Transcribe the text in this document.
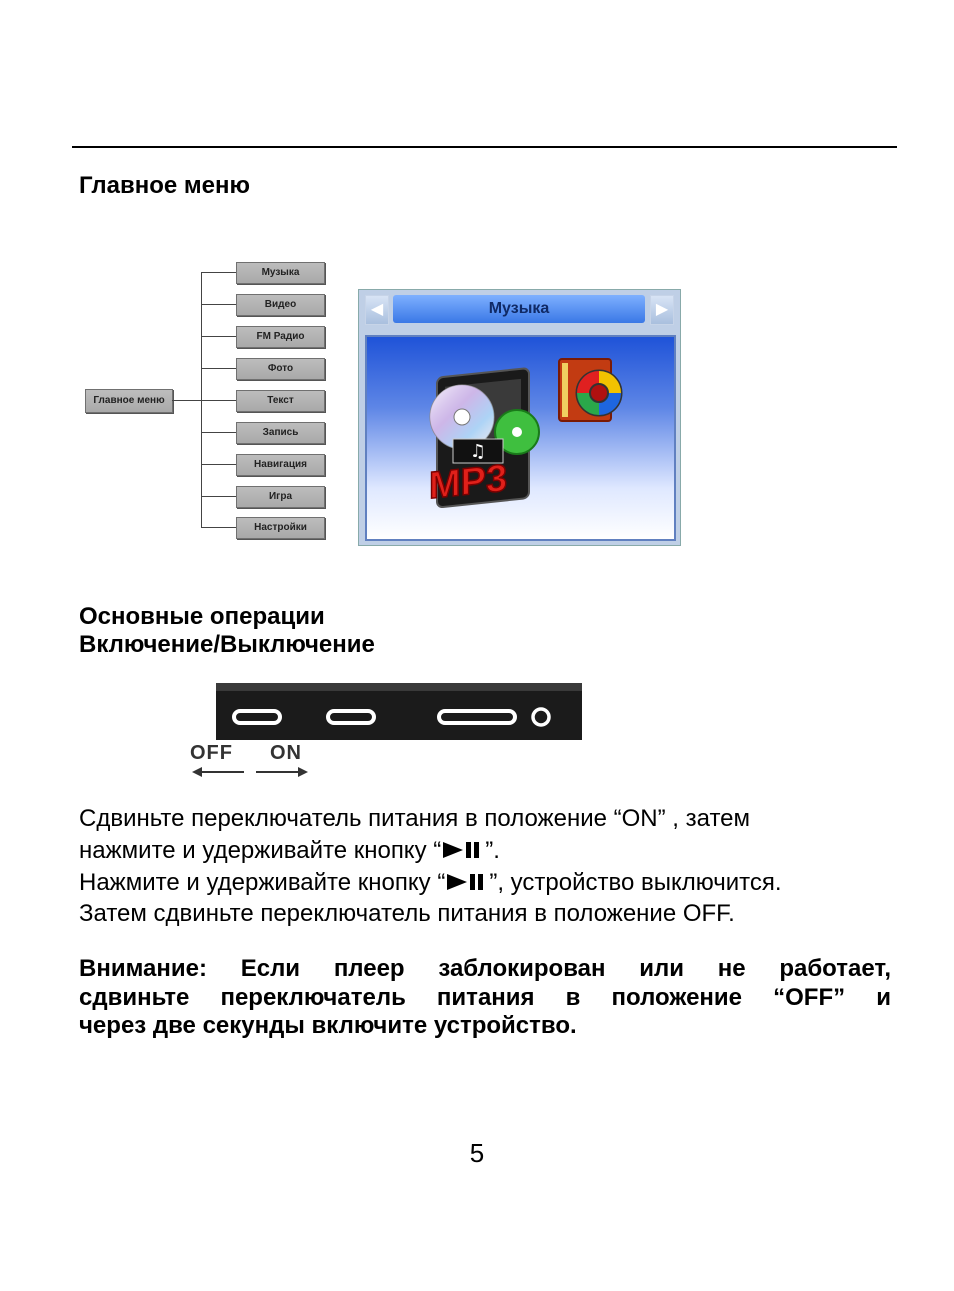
Главное меню
Главное меню
Музыка
Видео
FM Радио
Фото
Текст
Запись
Навигация
Игра
Настройки
◀	Музыка	▶
♫
MP3
Основные операции
Включение/Выключение
OFF ON
Сдвиньте переключатель питания в положение “ON” , затем
нажмите и удерживайте кнопку “ ”.
Нажмите и удерживайте кнопку “ ”, устройство выключится.
Затем сдвиньте переключатель питания в положение OFF.
Внимание: Если плеер заблокирован или не работает,
сдвиньте переключатель питания в положение “OFF” и
через две секунды включите устройство.
5
